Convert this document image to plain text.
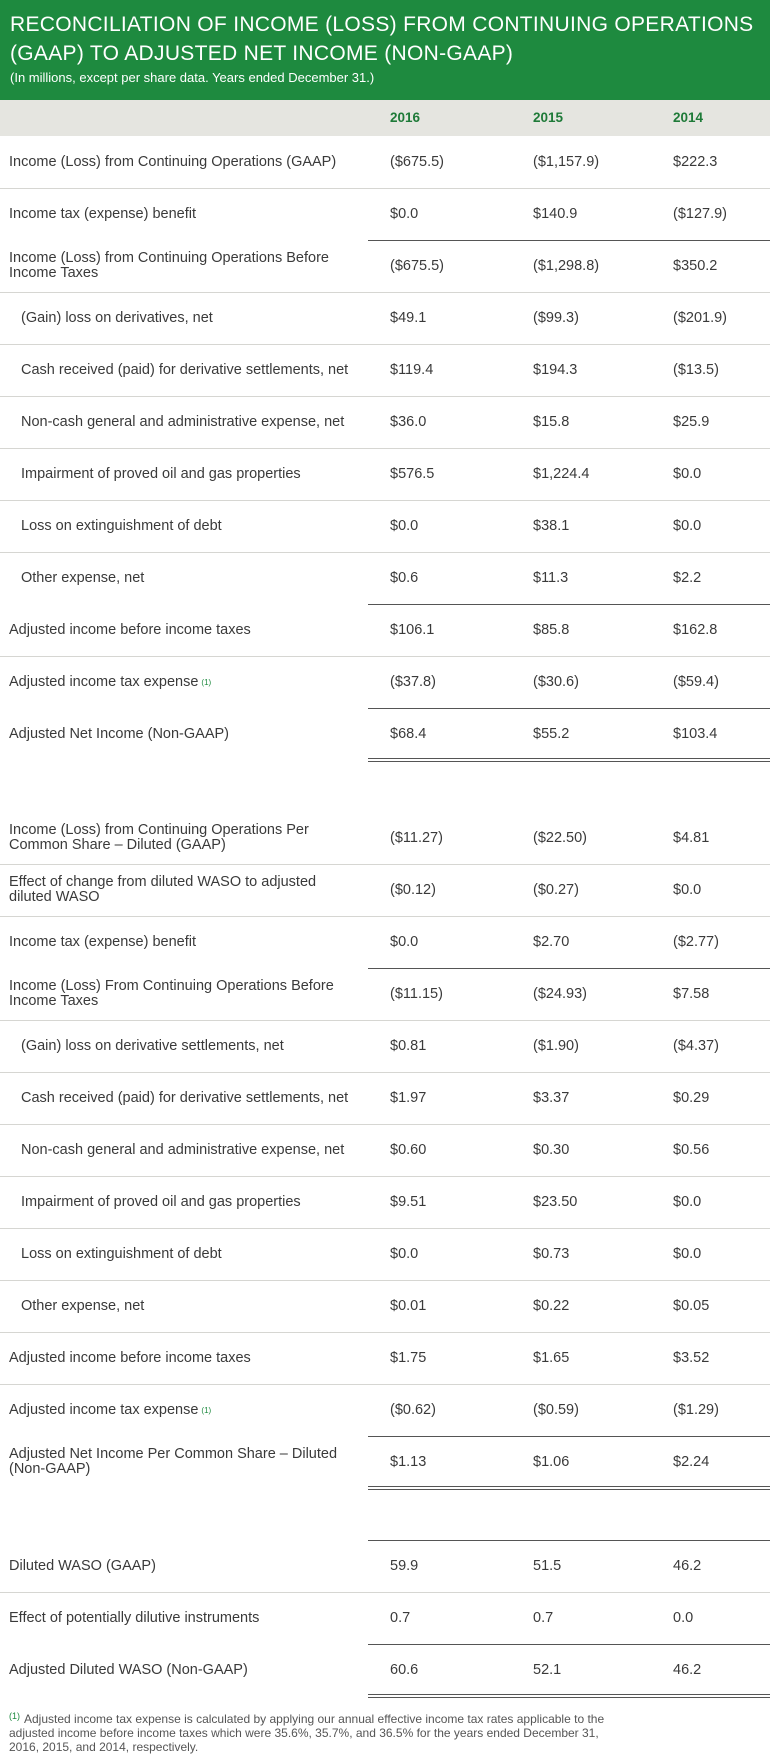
RECONCILIATION OF INCOME (LOSS) FROM CONTINUING OPERATIONS
(GAAP) TO ADJUSTED NET INCOME (NON-GAAP)
(In millions, except per share data. Years ended December 31.)
2016	2015	2014
Income (Loss) from Continuing Operations (GAAP)	($675.5)	($1,157.9)	$222.3
Income tax (expense) benefit	$0.0	$140.9	($127.9)
Income (Loss) from Continuing Operations Before Income Taxes	($675.5)	($1,298.8)	$350.2
(Gain) loss on derivatives, net	$49.1	($99.3)	($201.9)
Cash received (paid) for derivative settlements, net	$119.4	$194.3	($13.5)
Non-cash general and administrative expense, net	$36.0	$15.8	$25.9
Impairment of proved oil and gas properties	$576.5	$1,224.4	$0.0
Loss on extinguishment of debt	$0.0	$38.1	$0.0
Other expense, net	$0.6	$11.3	$2.2
Adjusted income before income taxes	$106.1	$85.8	$162.8
Adjusted income tax expense (1)	($37.8)	($30.6)	($59.4)
Adjusted Net Income (Non-GAAP)	$68.4	$55.2	$103.4
Income (Loss) from Continuing Operations Per Common Share – Diluted (GAAP)	($11.27)	($22.50)	$4.81
Effect of change from diluted WASO to adjusted diluted WASO	($0.12)	($0.27)	$0.0
Income tax (expense) benefit	$0.0	$2.70	($2.77)
Income (Loss) From Continuing Operations Before Income Taxes	($11.15)	($24.93)	$7.58
(Gain) loss on derivative settlements, net	$0.81	($1.90)	($4.37)
Cash received (paid) for derivative settlements, net	$1.97	$3.37	$0.29
Non-cash general and administrative expense, net	$0.60	$0.30	$0.56
Impairment of proved oil and gas properties	$9.51	$23.50	$0.0
Loss on extinguishment of debt	$0.0	$0.73	$0.0
Other expense, net	$0.01	$0.22	$0.05
Adjusted income before income taxes	$1.75	$1.65	$3.52
Adjusted income tax expense (1)	($0.62)	($0.59)	($1.29)
Adjusted Net Income Per Common Share – Diluted (Non-GAAP)	$1.13	$1.06	$2.24
Diluted WASO (GAAP)	59.9	51.5	46.2
Effect of potentially dilutive instruments	0.7	0.7	0.0
Adjusted Diluted WASO (Non-GAAP)	60.6	52.1	46.2
$^{(1)}$ Adjusted income tax expense is calculated by applying our annual effective income tax rates applicable to the adjusted income before income taxes which were 35.6%, 35.7%, and 36.5% for the years ended December 31, 2016, 2015, and 2014, respectively.
